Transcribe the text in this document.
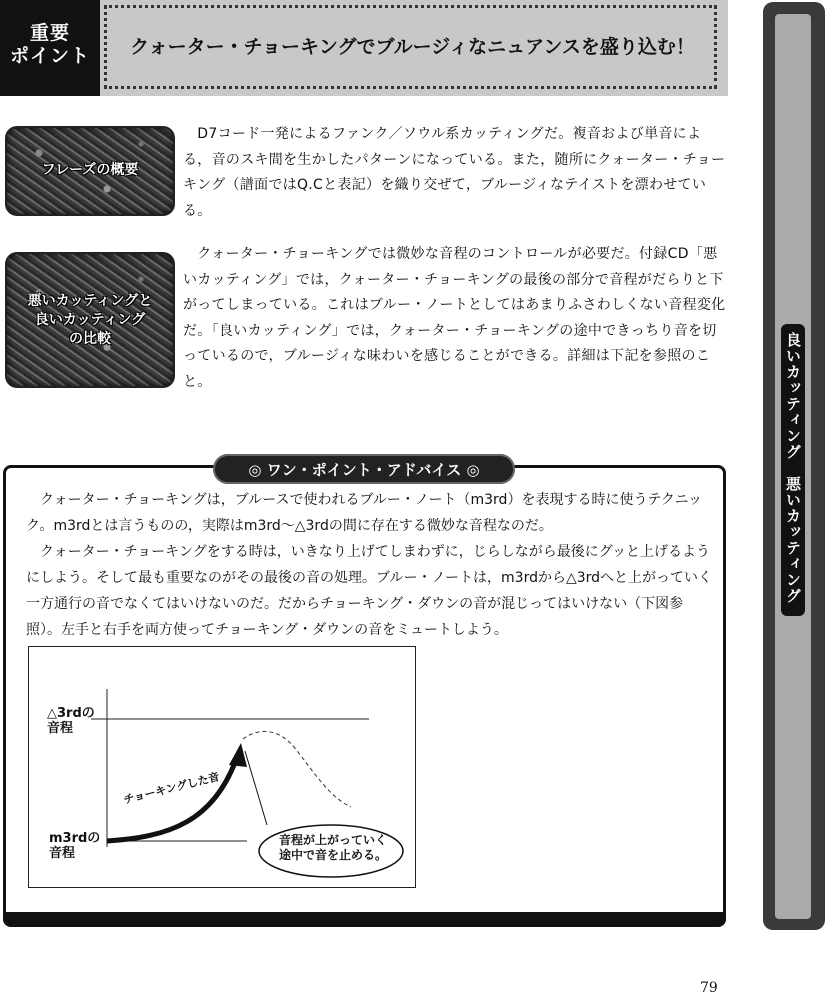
重要
ポイント	クォーター・チョーキングでブルージィなニュアンスを盛り込む！
フレーズの概要
　D7コード一発によるファンク／ソウル系カッティングだ。複音および単音による，音のスキ間を生かしたパターンになっている。また，随所にクォーター・チョーキング（譜面ではQ.Cと表記）を織り交ぜて，ブルージィなテイストを漂わせている。
悪いカッティングと
良いカッティング
の比較
　クォーター・チョーキングでは微妙な音程のコントロールが必要だ。付録CD「悪いカッティング」では，クォーター・チョーキングの最後の部分で音程がだらりと下がってしまっている。これはブルー・ノートとしてはあまりふさわしくない音程変化だ。「良いカッティング」では，クォーター・チョーキングの途中できっちり音を切っているので，ブルージィな味わいを感じることができる。詳細は下記を参照のこと。	良いカッティング　悪いカッティング
◎ ワン・ポイント・アドバイス ◎

クォーター・チョーキングは，ブルースで使われるブルー・ノート（m3rd）を表現する時に使うテクニック。m3rdとは言うものの，実際はm3rd～△3rdの間に存在する微妙な音程なのだ。

クォーター・チョーキングをする時は，いきなり上げてしまわずに，じらしながら最後にグッと上げるようにしよう。そして最も重要なのがその最後の音の処理。ブルー・ノートは，m3rdから△3rdへと上がっていく一方通行の音でなくてはいけないのだ。だからチョーキング・ダウンの音が混じってはいけない（下図参照）。左手と右手を両方使ってチョーキング・ダウンの音をミュートしよう。

△3rdの
音程
m3rdの
音程
チョーキングした音
音程が上がっていく
途中で音を止める。
79
